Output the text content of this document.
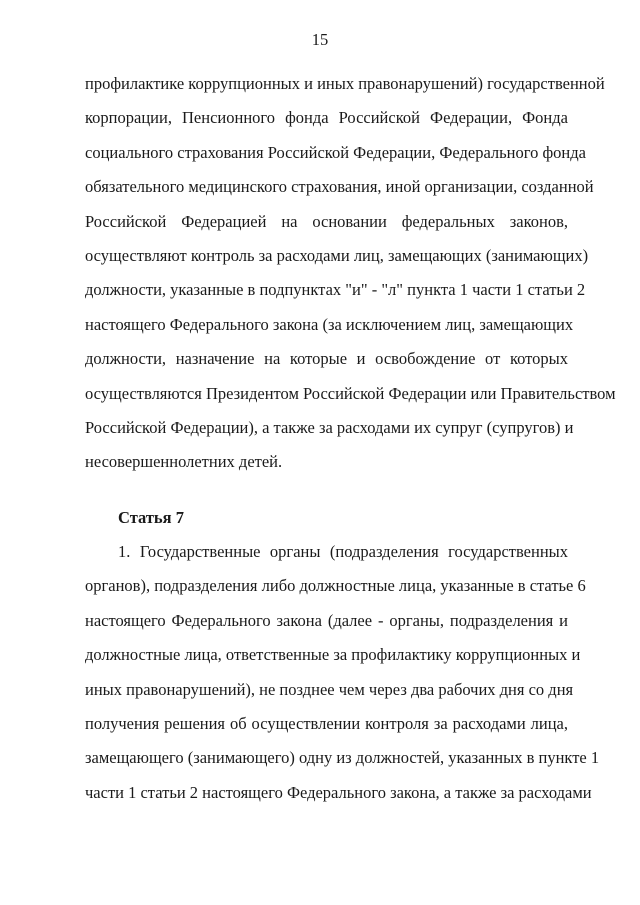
15
профилактике коррупционных и иных правонарушений) государственной
корпорации, Пенсионного фонда Российской Федерации, Фонда
социального страхования Российской Федерации, Федерального фонда
обязательного медицинского страхования, иной организации, созданной
Российской Федерацией на основании федеральных законов,
осуществляют контроль за расходами лиц, замещающих (занимающих)
должности, указанные в подпунктах "и" - "л" пункта 1 части 1 статьи 2
настоящего Федерального закона (за исключением лиц, замещающих
должности, назначение на которые и освобождение от которых
осуществляются Президентом Российской Федерации или Правительством
Российской Федерации), а также за расходами их супруг (супругов) и
несовершеннолетних детей.
Статья 7
1. Государственные органы (подразделения государственных
органов), подразделения либо должностные лица, указанные в статье 6
настоящего Федерального закона (далее - органы, подразделения и
должностные лица, ответственные за профилактику коррупционных и
иных правонарушений), не позднее чем через два рабочих дня со дня
получения решения об осуществлении контроля за расходами лица,
замещающего (занимающего) одну из должностей, указанных в пункте 1
части 1 статьи 2 настоящего Федерального закона, а также за расходами
